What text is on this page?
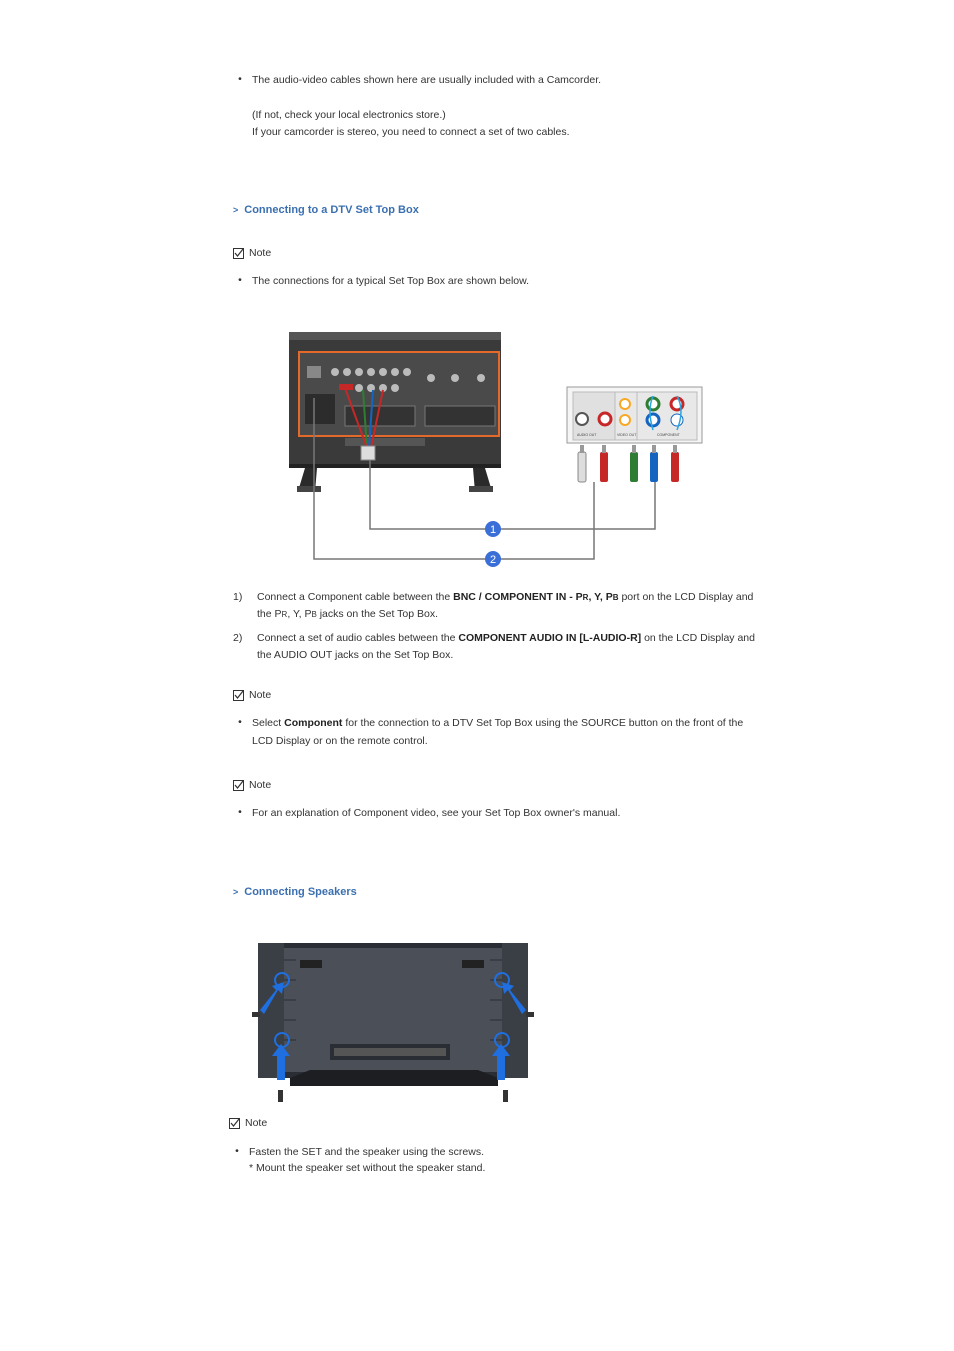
• The audio-video cables shown here are usually included with a Camcorder.
(If not, check your local electronics store.)
If your camcorder is stereo, you need to connect a set of two cables.
> Connecting to a DTV Set Top Box
Note
• The connections for a typical Set Top Box are shown below.
AUDIO OUT	VIDEO OUT	COMPONENT
1
2
1) Connect a Component cable between the BNC / COMPONENT IN - PR, Y, PB port on the LCD Display and
the PR, Y, PB jacks on the Set Top Box.
2) Connect a set of audio cables between the COMPONENT AUDIO IN [L-AUDIO-R] on the LCD Display and
the AUDIO OUT jacks on the Set Top Box.
Note
• Select Component for the connection to a DTV Set Top Box using the SOURCE button on the front of the
LCD Display or on the remote control.
Note
• For an explanation of Component video, see your Set Top Box owner's manual.
> Connecting Speakers
Note
• Fasten the SET and the speaker using the screws.
* Mount the speaker set without the speaker stand.
